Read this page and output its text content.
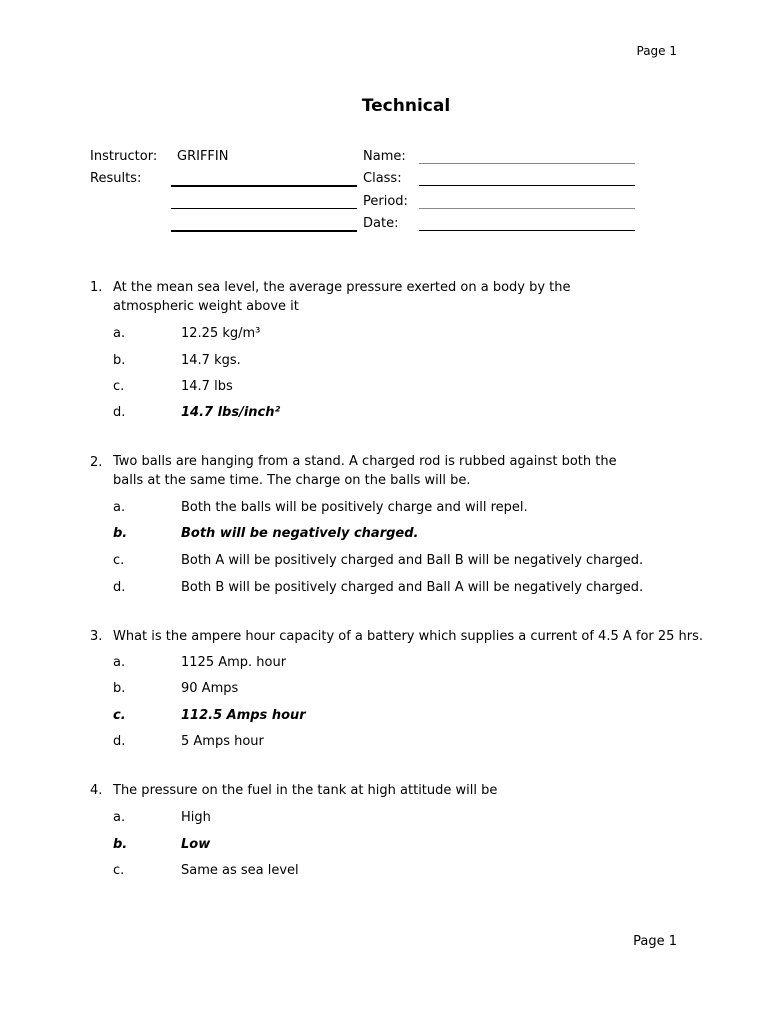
Page 1
Technical
Instructor: GRIFFIN
Results:
Name:
Class:
Period:
Date:
1. At the mean sea level, the average pressure exerted on a body by the atmospheric weight above it
a.	12.25 kg/m³
b.	14.7 kgs.
c.	14.7 lbs
d.	14.7 lbs/inch²
2. Two balls are hanging from a stand. A charged rod is rubbed against both the balls at the same time. The charge on the balls will be.
a.	Both the balls will be positively charge and will repel.
b.	Both will be negatively charged.
c.	Both A will be positively charged and Ball B will be negatively charged.
d.	Both B will be positively charged and Ball A will be negatively charged.
3. What is the ampere hour capacity of a battery which supplies a current of 4.5 A for 25 hrs.
a.	1125 Amp. hour
b.	90 Amps
c.	112.5 Amps hour
d.	5 Amps hour
4. The pressure on the fuel in the tank at high attitude will be
a.	High
b.	Low
c.	Same as sea level
Page 1
